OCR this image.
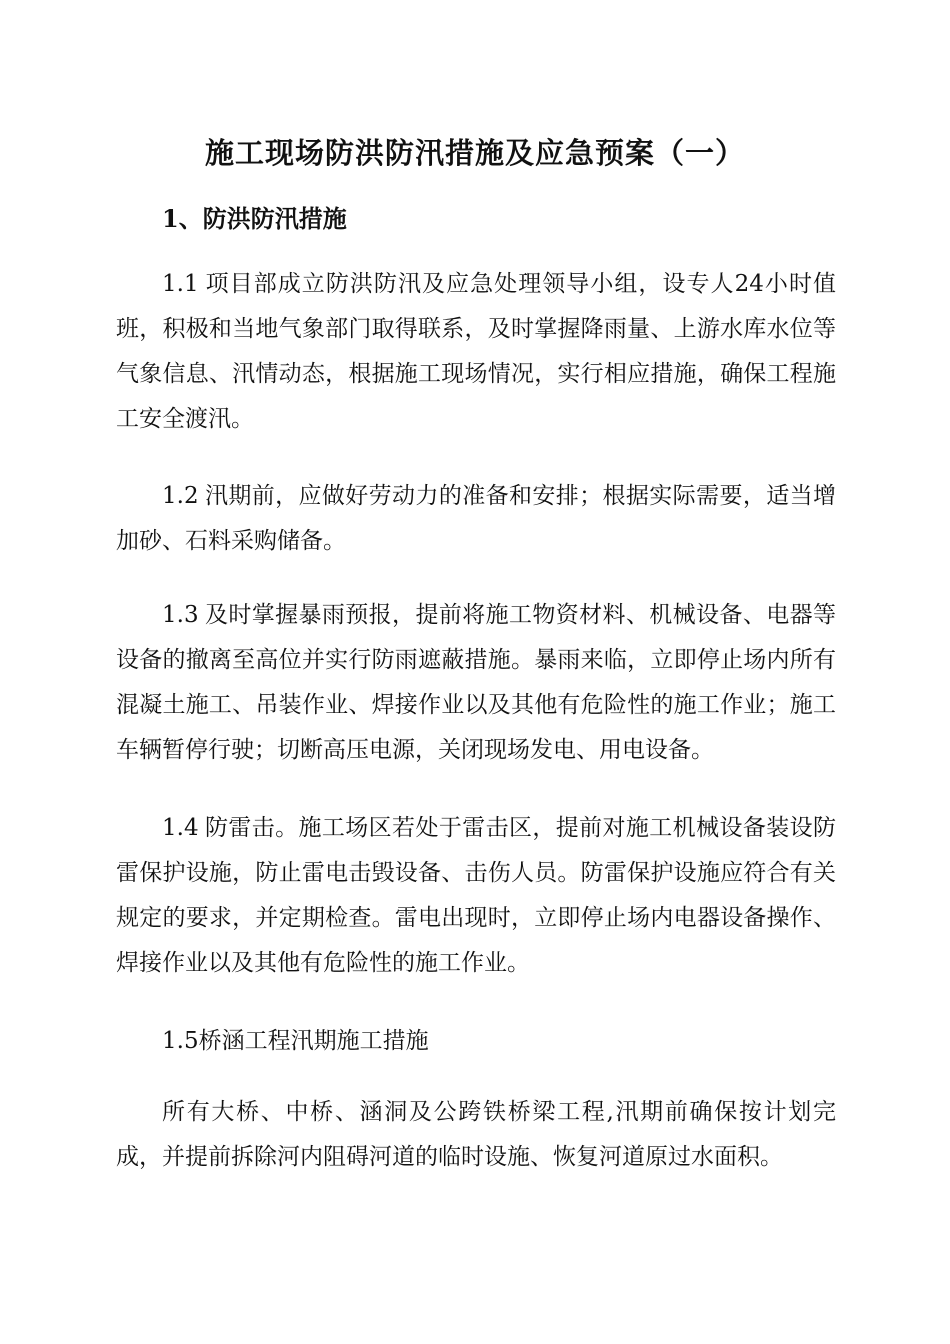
施工现场防洪防汛措施及应急预案（一）
1、防洪防汛措施

1.1 项目部成立防洪防汛及应急处理领导小组，设专人24小时值班，积极和当地气象部门取得联系，及时掌握降雨量、上游水库水位等气象信息、汛情动态，根据施工现场情况，实行相应措施，确保工程施工安全渡汛。

1.2 汛期前，应做好劳动力的准备和安排；根据实际需要，适当增加砂、石料采购储备。

1.3 及时掌握暴雨预报，提前将施工物资材料、机械设备、电器等设备的撤离至高位并实行防雨遮蔽措施。暴雨来临，立即停止场内所有混凝土施工、吊装作业、焊接作业以及其他有危险性的施工作业；施工车辆暂停行驶；切断高压电源，关闭现场发电、用电设备。

1.4 防雷击。施工场区若处于雷击区，提前对施工机械设备装设防雷保护设施，防止雷电击毁设备、击伤人员。防雷保护设施应符合有关规定的要求，并定期检查。雷电出现时，立即停止场内电器设备操作、焊接作业以及其他有危险性的施工作业。

1.5桥涵工程汛期施工措施

所有大桥、中桥、涵洞及公跨铁桥梁工程,汛期前确保按计划完成，并提前拆除河内阻碍河道的临时设施、恢复河道原过水面积。
